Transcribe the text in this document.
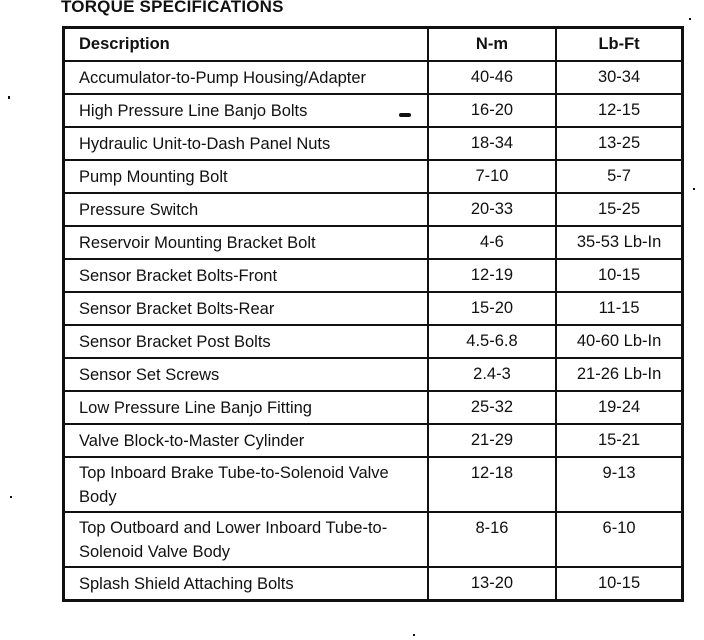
TORQUE SPECIFICATIONS
Description	N-m	Lb-Ft
Accumulator-to-Pump Housing/Adapter	40-46	30-34
High Pressure Line Banjo Bolts	16-20	12-15
Hydraulic Unit-to-Dash Panel Nuts	18-34	13-25
Pump Mounting Bolt	7-10	5-7
Pressure Switch	20-33	15-25
Reservoir Mounting Bracket Bolt	4-6	35-53 Lb-In
Sensor Bracket Bolts-Front	12-19	10-15
Sensor Bracket Bolts-Rear	15-20	11-15
Sensor Bracket Post Bolts	4.5-6.8	40-60 Lb-In
Sensor Set Screws	2.4-3	21-26 Lb-In
Low Pressure Line Banjo Fitting	25-32	19-24
Valve Block-to-Master Cylinder	21-29	15-21
Top Inboard Brake Tube-to-Solenoid Valve Body	12-18	9-13
Top Outboard and Lower Inboard Tube-to-Solenoid Valve Body	8-16	6-10
Splash Shield Attaching Bolts	13-20	10-15
